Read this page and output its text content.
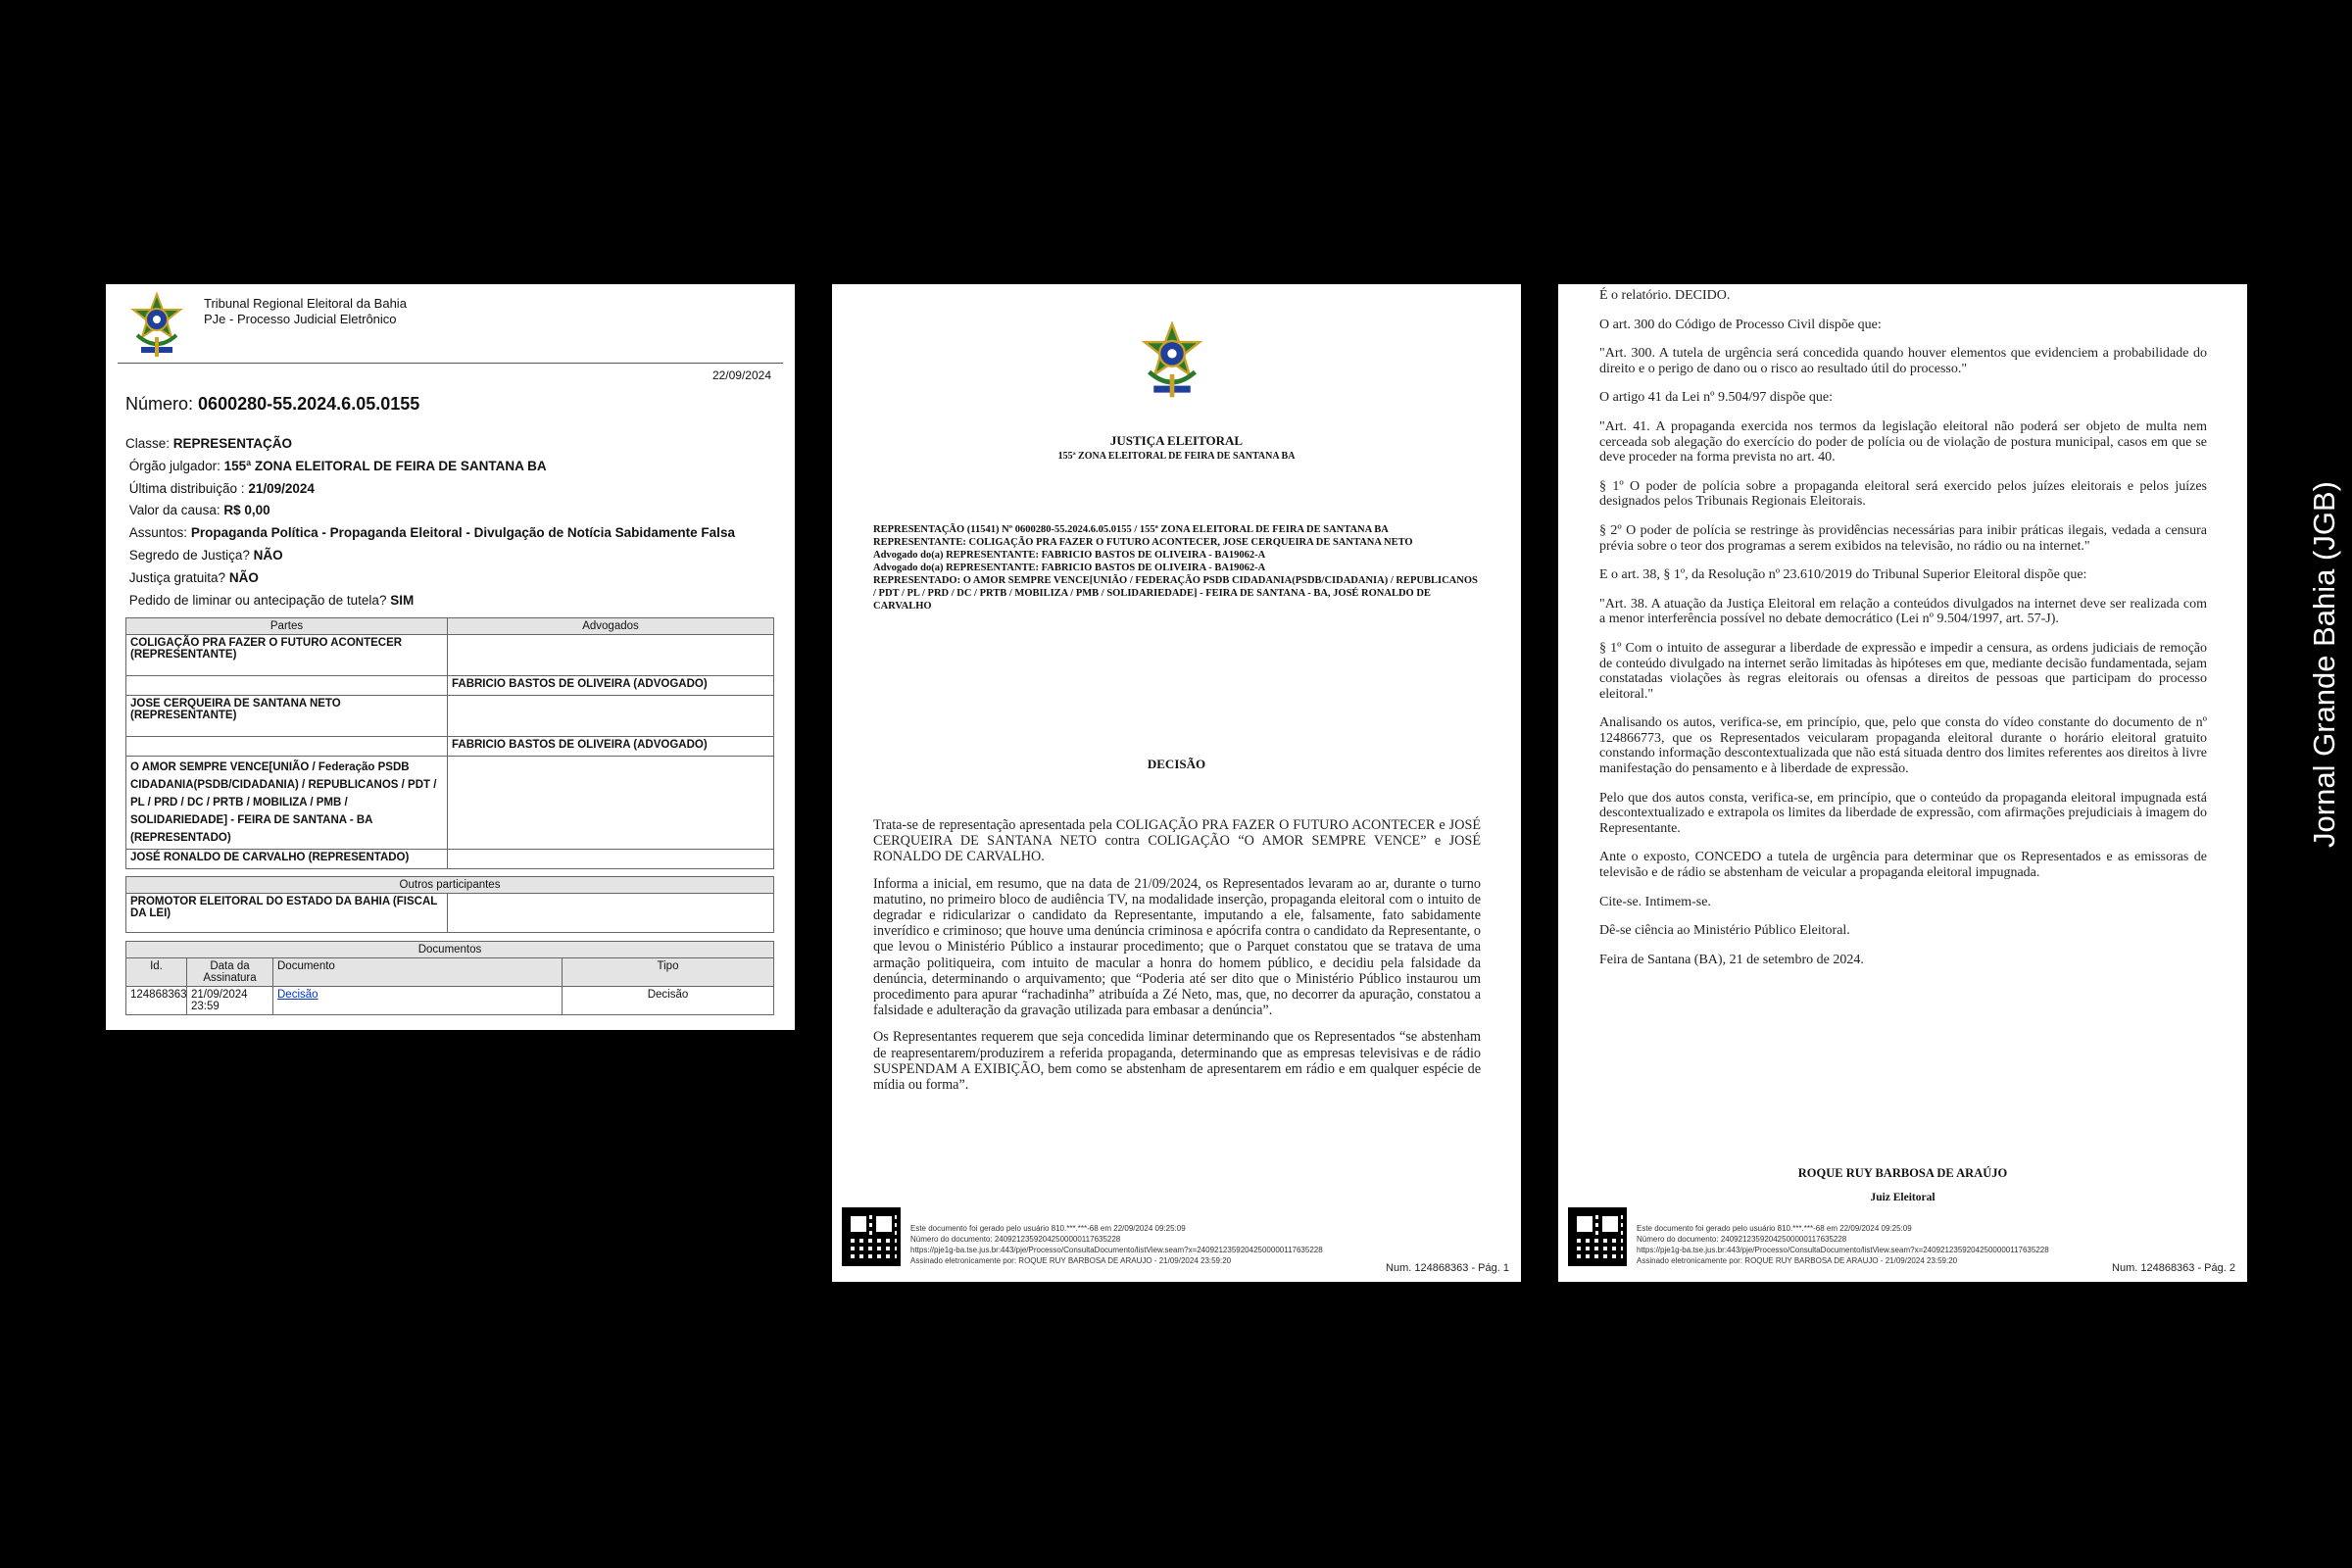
Tribunal Regional Eleitoral da Bahia
PJe - Processo Judicial Eletrônico
22/09/2024
Número: 0600280-55.2024.6.05.0155
Classe: REPRESENTAÇÃO
Órgão julgador: 155ª ZONA ELEITORAL DE FEIRA DE SANTANA BA
Última distribuição : 21/09/2024
Valor da causa: R$ 0,00
Assuntos: Propaganda Política - Propaganda Eleitoral - Divulgação de Notícia Sabidamente Falsa
Segredo de Justiça? NÃO
Justiça gratuita? NÃO
Pedido de liminar ou antecipação de tutela? SIM
Partes	Advogados
COLIGAÇÃO PRA FAZER O FUTURO ACONTECER (REPRESENTANTE)	
	FABRICIO BASTOS DE OLIVEIRA (ADVOGADO)
JOSE CERQUEIRA DE SANTANA NETO (REPRESENTANTE)	
	FABRICIO BASTOS DE OLIVEIRA (ADVOGADO)
O AMOR SEMPRE VENCE[UNIÃO / Federação PSDB CIDADANIA(PSDB/CIDADANIA) / REPUBLICANOS / PDT / PL / PRD / DC / PRTB / MOBILIZA / PMB / SOLIDARIEDADE] - FEIRA DE SANTANA - BA (REPRESENTADO)	
JOSÉ RONALDO DE CARVALHO (REPRESENTADO)	
Outros participantes
PROMOTOR ELEITORAL DO ESTADO DA BAHIA (FISCAL DA LEI)	
Documentos			
Id.	Data da Assinatura	Documento	Tipo
124868363	21/09/2024 23:59	Decisão	Decisão
JUSTIÇA ELEITORAL
155ª ZONA ELEITORAL DE FEIRA DE SANTANA BA
REPRESENTAÇÃO (11541) Nº 0600280-55.2024.6.05.0155 / 155ª ZONA ELEITORAL DE FEIRA DE SANTANA BA
REPRESENTANTE: COLIGAÇÃO PRA FAZER O FUTURO ACONTECER, JOSE CERQUEIRA DE SANTANA NETO
Advogado do(a) REPRESENTANTE: FABRICIO BASTOS DE OLIVEIRA - BA19062-A
Advogado do(a) REPRESENTANTE: FABRICIO BASTOS DE OLIVEIRA - BA19062-A
REPRESENTADO: O AMOR SEMPRE VENCE[UNIÃO / FEDERAÇÃO PSDB CIDADANIA(PSDB/CIDADANIA) / REPUBLICANOS / PDT / PL / PRD / DC / PRTB / MOBILIZA / PMB / SOLIDARIEDADE] - FEIRA DE SANTANA - BA, JOSÉ RONALDO DE CARVALHO
DECISÃO

Trata-se de representação apresentada pela COLIGAÇÃO PRA FAZER O FUTURO ACONTECER e JOSÉ CERQUEIRA DE SANTANA NETO contra COLIGAÇÃO “O AMOR SEMPRE VENCE” e JOSÉ RONALDO DE CARVALHO.

Informa a inicial, em resumo, que na data de 21/09/2024, os Representados levaram ao ar, durante o turno matutino, no primeiro bloco de audiência TV, na modalidade inserção, propaganda eleitoral com o intuito de degradar e ridicularizar o candidato da Representante, imputando a ele, falsamente, fato sabidamente inverídico e criminoso; que houve uma denúncia criminosa e apócrifa contra o candidato da Representante, o que levou o Ministério Público a instaurar procedimento; que o Parquet constatou que se tratava de uma armação politiqueira, com intuito de macular a honra do homem público, e decidiu pela falsidade da denúncia, determinando o arquivamento; que “Poderia até ser dito que o Ministério Público instaurou um procedimento para apurar “rachadinha” atribuída a Zé Neto, mas, que, no decorrer da apuração, constatou a falsidade e adulteração da gravação utilizada para embasar a denúncia”.

Os Representantes requerem que seja concedida liminar determinando que os Representados “se abstenham de reapresentarem/produzirem a referida propaganda, determinando que as empresas televisivas e de rádio SUSPENDAM A EXIBIÇÃO, bem como se abstenham de apresentarem em rádio e em qualquer espécie de mídia ou forma”.

Este documento foi gerado pelo usuário 810.***.***-68 em 22/09/2024 09:25:09
Número do documento: 24092123592042500000117635228
https://pje1g-ba.tse.jus.br:443/pje/Processo/ConsultaDocumento/listView.seam?x=24092123592042500000117635228
Assinado eletronicamente por: ROQUE RUY BARBOSA DE ARAUJO - 21/09/2024 23:59:20
Num. 124868363 - Pág. 1

É o relatório. DECIDO.

O art. 300 do Código de Processo Civil dispõe que:

"Art. 300. A tutela de urgência será concedida quando houver elementos que evidenciem a probabilidade do direito e o perigo de dano ou o risco ao resultado útil do processo."

O artigo 41 da Lei nº 9.504/97 dispõe que:

"Art. 41. A propaganda exercida nos termos da legislação eleitoral não poderá ser objeto de multa nem cerceada sob alegação do exercício do poder de polícia ou de violação de postura municipal, casos em que se deve proceder na forma prevista no art. 40.

§ 1º O poder de polícia sobre a propaganda eleitoral será exercido pelos juízes eleitorais e pelos juízes designados pelos Tribunais Regionais Eleitorais.

§ 2º O poder de polícia se restringe às providências necessárias para inibir práticas ilegais, vedada a censura prévia sobre o teor dos programas a serem exibidos na televisão, no rádio ou na internet."

E o art. 38, § 1º, da Resolução nº 23.610/2019 do Tribunal Superior Eleitoral dispõe que:

"Art. 38. A atuação da Justiça Eleitoral em relação a conteúdos divulgados na internet deve ser realizada com a menor interferência possível no debate democrático (Lei nº 9.504/1997, art. 57-J).

§ 1º Com o intuito de assegurar a liberdade de expressão e impedir a censura, as ordens judiciais de remoção de conteúdo divulgado na internet serão limitadas às hipóteses em que, mediante decisão fundamentada, sejam constatadas violações às regras eleitorais ou ofensas a direitos de pessoas que participam do processo eleitoral."

Analisando os autos, verifica-se, em princípio, que, pelo que consta do vídeo constante do documento de nº 124866773, que os Representados veicularam propaganda eleitoral durante o horário eleitoral gratuito constando informação descontextualizada que não está situada dentro dos limites referentes aos direitos à livre manifestação do pensamento e à liberdade de expressão.

Pelo que dos autos consta, verifica-se, em princípio, que o conteúdo da propaganda eleitoral impugnada está descontextualizado e extrapola os limites da liberdade de expressão, com afirmações prejudiciais à imagem do Representante.

Ante o exposto, CONCEDO a tutela de urgência para determinar que os Representados e as emissoras de televisão e de rádio se abstenham de veicular a propaganda eleitoral impugnada.

Cite-se. Intimem-se.

Dê-se ciência ao Ministério Público Eleitoral.

Feira de Santana (BA), 21 de setembro de 2024.

ROQUE RUY BARBOSA DE ARAÚJO
Juiz Eleitoral
Este documento foi gerado pelo usuário 810.***.***-68 em 22/09/2024 09:25:09
Número do documento: 24092123592042500000117635228
https://pje1g-ba.tse.jus.br:443/pje/Processo/ConsultaDocumento/listView.seam?x=24092123592042500000117635228
Assinado eletronicamente por: ROQUE RUY BARBOSA DE ARAUJO - 21/09/2024 23:59:20
Num. 124868363 - Pág. 2
Jornal Grande Bahia (JGB)
